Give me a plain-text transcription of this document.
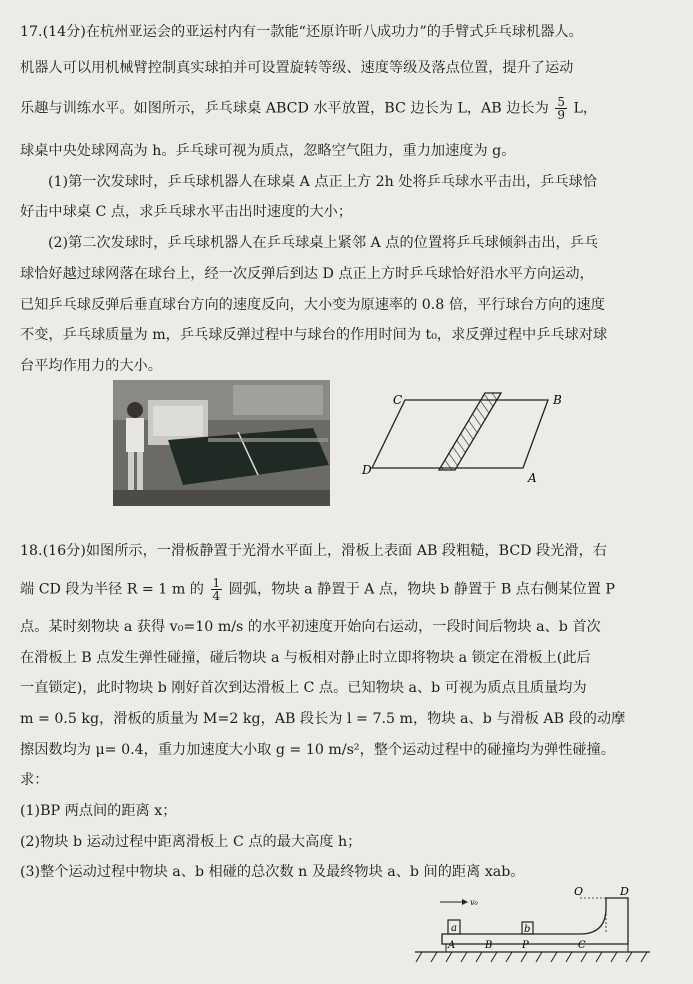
17.(14分)在杭州亚运会的亚运村内有一款能“还原许昕八成功力”的手臂式乒乓球机器人。
机器人可以用机械臂控制真实球拍并可设置旋转等级、速度等级及落点位置，提升了运动
乐趣与训练水平。如图所示，乒乓球桌 ABCD 水平放置，BC 边长为 L，AB 边长为 $\frac{5}{9}$ L，
球桌中央处球网高为 h。乒乓球可视为质点，忽略空气阻力，重力加速度为 g。
(1)第一次发球时，乒乓球机器人在球桌 A 点正上方 2h 处将乒乓球水平击出，乒乓球恰
好击中球桌 C 点，求乒乓球水平击出时速度的大小；
(2)第二次发球时，乒乓球机器人在乒乓球桌上紧邻 A 点的位置将乒乓球倾斜击出，乒乓
球恰好越过球网落在球台上，经一次反弹后到达 D 点正上方时乒乓球恰好沿水平方向运动，
已知乒乓球反弹后垂直球台方向的速度反向，大小变为原速率的 0.8 倍，平行球台方向的速度
不变，乒乓球质量为 m，乒乓球反弹过程中与球台的作用时间为 t₀，求反弹过程中乒乓球对球
台平均作用力的大小。
C	B
D
A
18.(16分)如图所示，一滑板静置于光滑水平面上，滑板上表面 AB 段粗糙，BCD 段光滑，右
端 CD 段为半径 R = 1 m 的 $\frac{1}{4}$ 圆弧，物块 a 静置于 A 点，物块 b 静置于 B 点右侧某位置 P
点。某时刻物块 a 获得 v₀=10 m/s 的水平初速度开始向右运动，一段时间后物块 a、b 首次
在滑板上 B 点发生弹性碰撞，碰后物块 a 与板相对静止时立即将物块 a 锁定在滑板上(此后
一直锁定)，此时物块 b 刚好首次到达滑板上 C 点。已知物块 a、b 可视为质点且质量均为
m = 0.5 kg，滑板的质量为 M=2 kg，AB 段长为 l = 7.5 m，物块 a、b 与滑板 AB 段的动摩
擦因数均为 μ= 0.4，重力加速度大小取 g = 10 m/s²，整个运动过程中的碰撞均为弹性碰撞。
求：
(1)BP 两点间的距离 x；
(2)物块 b 运动过程中距离滑板上 C 点的最大高度 h；
(3)整个运动过程中物块 a、b 相碰的总次数 n 及最终物块 a、b 间的距离 xab。
a
v₀
b
A	B	P	C
O	D
